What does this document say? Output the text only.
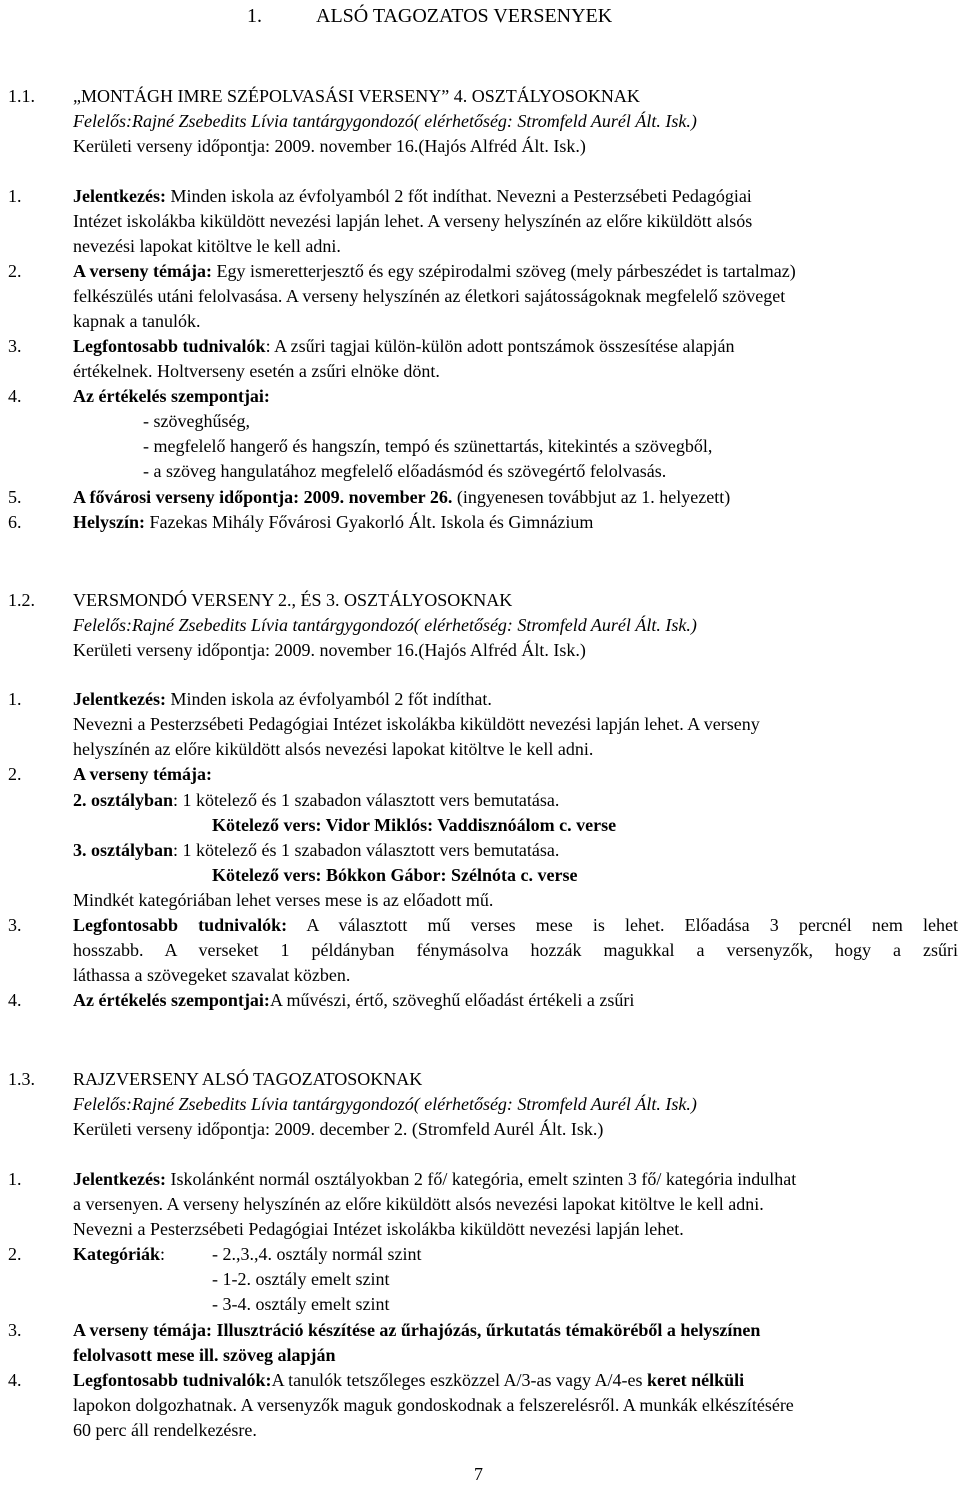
1.	ALSÓ TAGOZATOS VERSENYEK
1.1. „MONTÁGH IMRE SZÉPOLVASÁSI VERSENY” 4. OSZTÁLYOSOKNAK
Felelős:Rajné Zsebedits Lívia tantárgygondozó( elérhetőség: Stromfeld Aurél Ált. Isk.)
Kerületi verseny időpontja: 2009. november 16.(Hajós Alfréd Ált. Isk.)
1.	Jelentkezés: Minden iskola az évfolyamból 2 főt indíthat. Nevezni a Pesterzsébeti Pedagógiai
Intézet iskolákba kiküldött nevezési lapján lehet. A verseny helyszínén az előre kiküldött alsós
nevezési lapokat kitöltve le kell adni.
2.	A verseny témája: Egy ismeretterjesztő és egy szépirodalmi szöveg (mely párbeszédet is tartalmaz)
felkészülés utáni felolvasása. A verseny helyszínén az életkori sajátosságoknak megfelelő szöveget
kapnak a tanulók.
3.	Legfontosabb tudnivalók: A zsűri tagjai külön-külön adott pontszámok összesítése alapján
értékelnek. Holtverseny esetén a zsűri elnöke dönt.
4.	Az értékelés szempontjai:
- szöveghűség,
- megfelelő hangerő és hangszín, tempó és szünettartás, kitekintés a szövegből,
- a szöveg hangulatához megfelelő előadásmód és szövegértő felolvasás.
5.	A fővárosi verseny időpontja: 2009. november 26. (ingyenesen továbbjut az 1. helyezett)
6.	Helyszín: Fazekas Mihály Fővárosi Gyakorló Ált. Iskola és Gimnázium
1.2. VERSMONDÓ VERSENY 2., ÉS 3. OSZTÁLYOSOKNAK
Felelős:Rajné Zsebedits Lívia tantárgygondozó( elérhetőség: Stromfeld Aurél Ált. Isk.)
Kerületi verseny időpontja: 2009. november 16.(Hajós Alfréd Ált. Isk.)
1.	Jelentkezés: Minden iskola az évfolyamból 2 főt indíthat.
Nevezni a Pesterzsébeti Pedagógiai Intézet iskolákba kiküldött nevezési lapján lehet. A verseny
helyszínén az előre kiküldött alsós nevezési lapokat kitöltve le kell adni.
2.	A verseny témája:
2. osztályban: 1 kötelező és 1 szabadon választott vers bemutatása.
Kötelező vers: Vidor Miklós: Vaddisznóálom c. verse
3. osztályban: 1 kötelező és 1 szabadon választott vers bemutatása.
Kötelező vers: Bókkon Gábor: Szélnóta c. verse
Mindkét kategóriában lehet verses mese is az előadott mű.
3.	Legfontosabb tudnivalók: A választott mű verses mese is lehet. Előadása 3 percnél nem lehet
hosszabb. A verseket 1 példányban fénymásolva hozzák magukkal a versenyzők, hogy a zsűri
láthassa a szövegeket szavalat közben.
4.	Az értékelés szempontjai:A művészi, értő, szöveghű előadást értékeli a zsűri
1.3. RAJZVERSENY ALSÓ TAGOZATOSOKNAK
Felelős:Rajné Zsebedits Lívia tantárgygondozó( elérhetőség: Stromfeld Aurél Ált. Isk.)
Kerületi verseny időpontja: 2009. december 2. (Stromfeld Aurél Ált. Isk.)
1.	Jelentkezés: Iskolánként normál osztályokban 2 fő/ kategória, emelt szinten 3 fő/ kategória indulhat
a versenyen. A verseny helyszínén az előre kiküldött alsós nevezési lapokat kitöltve le kell adni.
Nevezni a Pesterzsébeti Pedagógiai Intézet iskolákba kiküldött nevezési lapján lehet.
2.	Kategóriák:	- 2.,3.,4. osztály normál szint
- 1-2. osztály emelt szint
- 3-4. osztály emelt szint
3.	A verseny témája: Illusztráció készítése az űrhajózás, űrkutatás témaköréből a helyszínen
felolvasott mese ill. szöveg alapján
4.	Legfontosabb tudnivalók:A tanulók tetszőleges eszközzel A/3-as vagy A/4-es keret nélküli
lapokon dolgozhatnak. A versenyzők maguk gondoskodnak a felszerelésről. A munkák elkészítésére
60 perc áll rendelkezésre.
7
